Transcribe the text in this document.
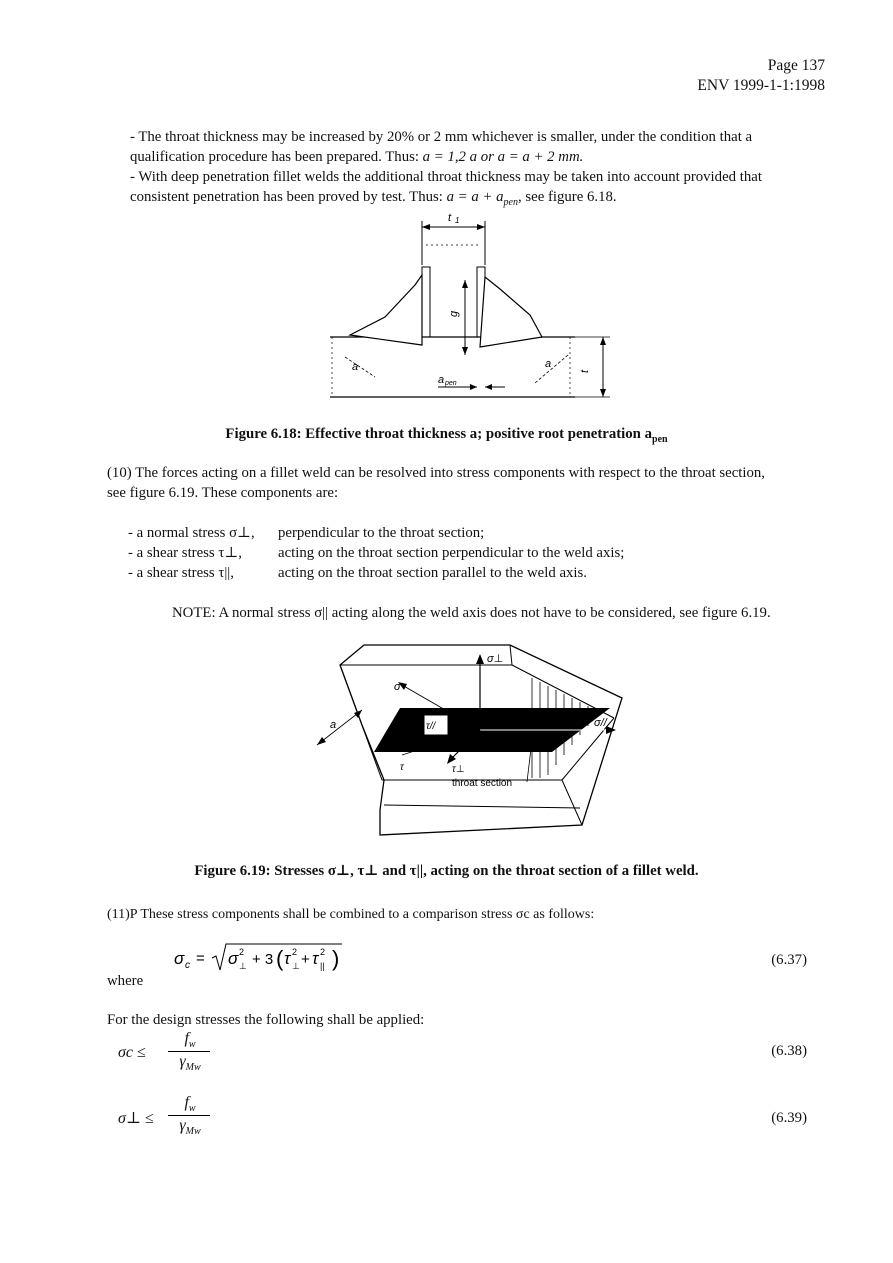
Page 137
ENV 1999-1-1:1998
- The throat thickness may be increased by 20% or 2 mm whichever is smaller, under the condition that a
qualification procedure has been prepared. Thus: a = 1,2 a or a = a + 2 mm.
- With deep penetration fillet welds the additional throat thickness may be taken into account provided that
consistent penetration has been proved by test. Thus: $a = a + a_{pen}$, see figure 6.18.
t 1
g
a	a
a pen
t
Figure 6.18: Effective throat thickness a; positive root penetration $a_{pen}$
(10) The forces acting on a fillet weld can be resolved into stress components with respect to the throat section,
see figure 6.19. These components are:
- a normal stress σ⊥,	perpendicular to the throat section;
- a shear stress τ⊥,	acting on the throat section perpendicular to the weld axis;
- a shear stress τ||,	acting on the throat section parallel to the weld axis.
NOTE: A normal stress σ|| acting along the weld axis does not have to be considered, see figure 6.19.
σ⊥
σ
τ//	σ//
a
τ	τ⊥
throat section
Figure 6.19: Stresses σ⊥, τ⊥ and τ||, acting on the throat section of a fillet weld.
(11)P These stress components shall be combined to a comparison stress σc as follows:
σ c = σ 2
⊥ + 3 ( τ 2
⊥ + τ 2
|| )	(6.37)
where
For the design stresses the following shall be applied:
σc ≤
$f_w$
$\gamma_{Mw}$
(6.38)
σ⊥ ≤
$f_w$
$\gamma_{Mw}$
(6.39)
